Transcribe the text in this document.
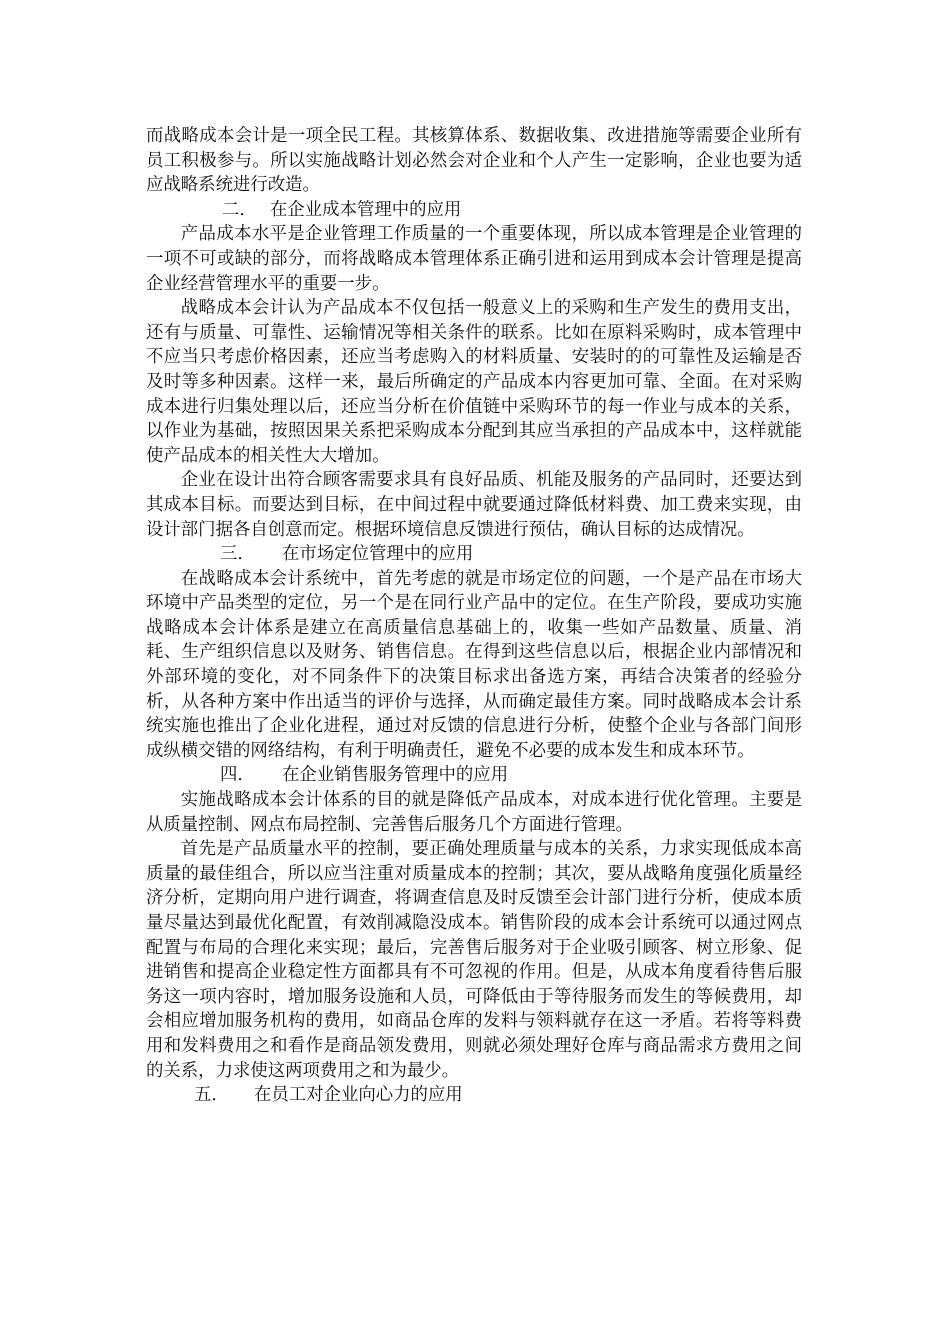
而战略成本会计是一项全民工程。其核算体系、数据收集、改进措施等需要企业所有员工积极参与。所以实施战略计划必然会对企业和个人产生一定影响，企业也要为适应战略系统进行改造。

二． 在企业成本管理中的应用

产品成本水平是企业管理工作质量的一个重要体现，所以成本管理是企业管理的一项不可或缺的部分，而将战略成本管理体系正确引进和运用到成本会计管理是提高企业经营管理水平的重要一步。

战略成本会计认为产品成本不仅包括一般意义上的采购和生产发生的费用支出，还有与质量、可靠性、运输情况等相关条件的联系。比如在原料采购时，成本管理中不应当只考虑价格因素，还应当考虑购入的材料质量、安装时的的可靠性及运输是否及时等多种因素。这样一来，最后所确定的产品成本内容更加可靠、全面。在对采购成本进行归集处理以后，还应当分析在价值链中采购环节的每一作业与成本的关系，以作业为基础，按照因果关系把采购成本分配到其应当承担的产品成本中，这样就能使产品成本的相关性大大增加。

企业在设计出符合顾客需要求具有良好品质、机能及服务的产品同时，还要达到其成本目标。而要达到目标，在中间过程中就要通过降低材料费、加工费来实现，由设计部门据各自创意而定。根据环境信息反馈进行预估，确认目标的达成情况。

三． 在市场定位管理中的应用

在战略成本会计系统中，首先考虑的就是市场定位的问题，一个是产品在市场大环境中产品类型的定位，另一个是在同行业产品中的定位。在生产阶段，要成功实施战略成本会计体系是建立在高质量信息基础上的，收集一些如产品数量、质量、消耗、生产组织信息以及财务、销售信息。在得到这些信息以后，根据企业内部情况和外部环境的变化，对不同条件下的决策目标求出备选方案，再结合决策者的经验分析，从各种方案中作出适当的评价与选择，从而确定最佳方案。同时战略成本会计系统实施也推出了企业化进程，通过对反馈的信息进行分析，使整个企业与各部门间形成纵横交错的网络结构，有利于明确责任，避免不必要的成本发生和成本环节。

四． 在企业销售服务管理中的应用

实施战略成本会计体系的目的就是降低产品成本，对成本进行优化管理。主要是从质量控制、网点布局控制、完善售后服务几个方面进行管理。

首先是产品质量水平的控制，要正确处理质量与成本的关系，力求实现低成本高质量的最佳组合，所以应当注重对质量成本的控制；其次，要从战略角度强化质量经济分析，定期向用户进行调查，将调查信息及时反馈至会计部门进行分析，使成本质量尽量达到最优化配置，有效削减隐没成本。销售阶段的成本会计系统可以通过网点配置与布局的合理化来实现；最后，完善售后服务对于企业吸引顾客、树立形象、促进销售和提高企业稳定性方面都具有不可忽视的作用。但是，从成本角度看待售后服务这一项内容时，增加服务设施和人员，可降低由于等待服务而发生的等候费用，却会相应增加服务机构的费用，如商品仓库的发料与领料就存在这一矛盾。若将等料费用和发料费用之和看作是商品领发费用，则就必须处理好仓库与商品需求方费用之间的关系，力求使这两项费用之和为最少。

五． 在员工对企业向心力的应用
